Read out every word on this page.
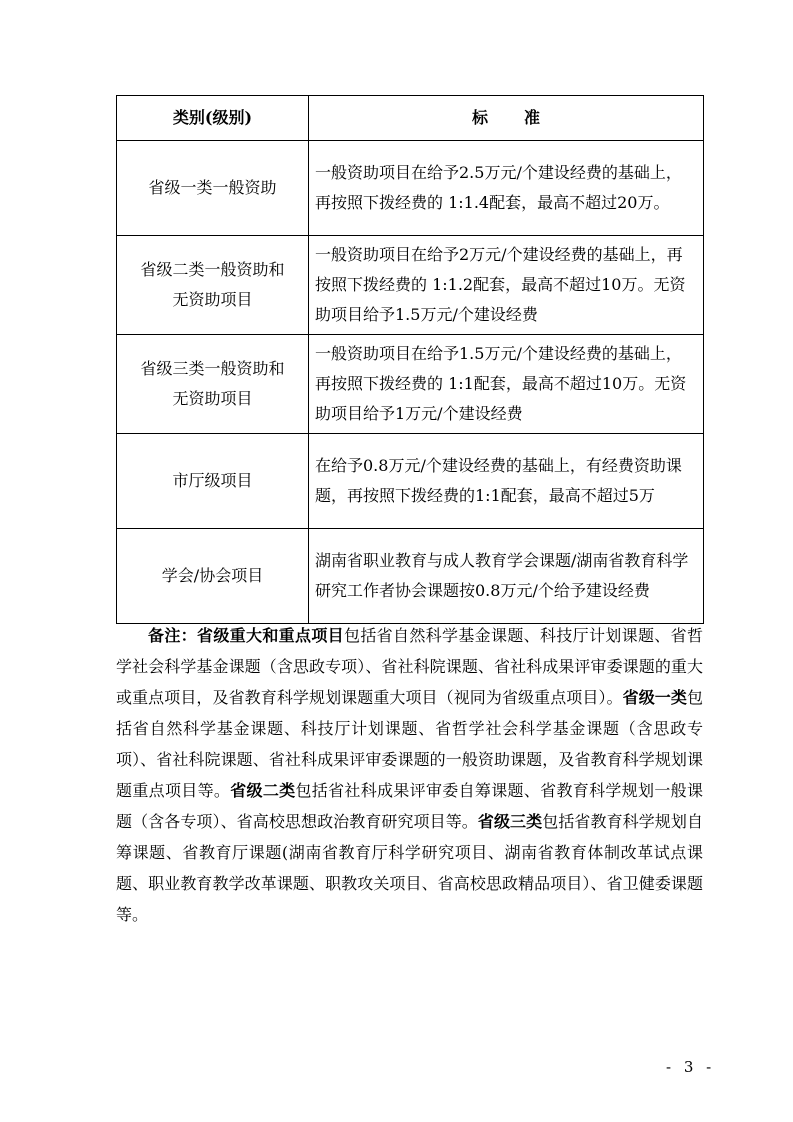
类别(级别)	标准
省级一类一般资助	一般资助项目在给予2.5万元/个建设经费的基础上，再按照下拨经费的 1:1.4配套，最高不超过20万。
省级二类一般资助和无资助项目	一般资助项目在给予2万元/个建设经费的基础上，再按照下拨经费的 1:1.2配套，最高不超过10万。无资助项目给予1.5万元/个建设经费
省级三类一般资助和无资助项目	一般资助项目在给予1.5万元/个建设经费的基础上，再按照下拨经费的 1:1配套，最高不超过10万。无资助项目给予1万元/个建设经费
市厅级项目	在给予0.8万元/个建设经费的基础上，有经费资助课题，再按照下拨经费的1:1配套，最高不超过5万
学会/协会项目	湖南省职业教育与成人教育学会课题/湖南省教育科学研究工作者协会课题按0.8万元/个给予建设经费

备注：省级重大和重点项目包括省自然科学基金课题、科技厅计划课题、省哲学社会科学基金课题（含思政专项）、省社科院课题、省社科成果评审委课题的重大或重点项目，及省教育科学规划课题重大项目（视同为省级重点项目）。省级一类包括省自然科学基金课题、科技厅计划课题、省哲学社会科学基金课题（含思政专项）、省社科院课题、省社科成果评审委课题的一般资助课题，及省教育科学规划课题重点项目等。省级二类包括省社科成果评审委自筹课题、省教育科学规划一般课题（含各专项）、省高校思想政治教育研究项目等。省级三类包括省教育科学规划自筹课题、省教育厅课题(湖南省教育厅科学研究项目、湖南省教育体制改革试点课题、职业教育教学改革课题、职教攻关项目、省高校思政精品项目）、省卫健委课题等。

- 3 -
